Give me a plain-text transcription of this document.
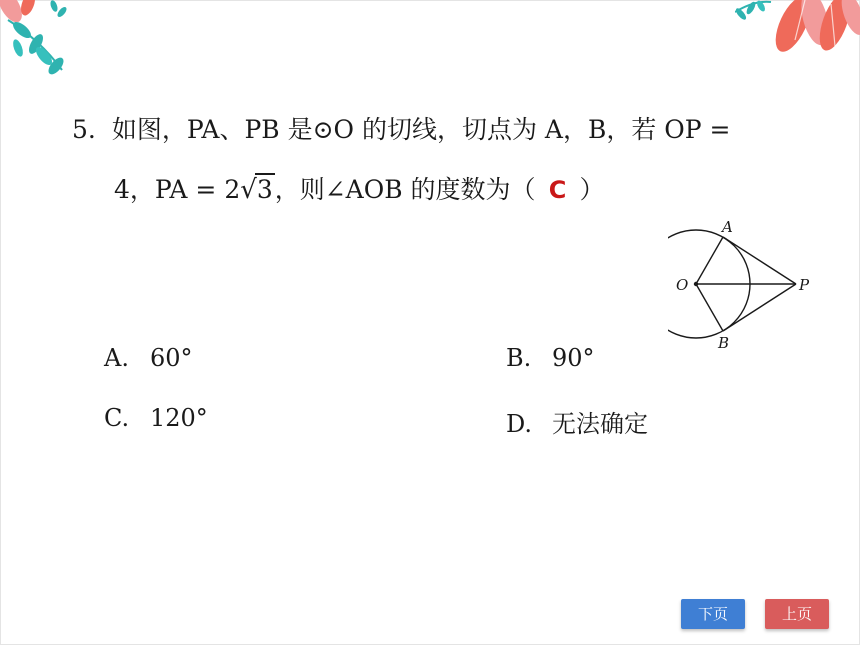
5. 如图，PA、PB 是⊙O 的切线，切点为 A，B，若 OP =
4，PA = 2√3，则∠AOB 的度数为（ C ）
O
A
B
P
A. 60°	B. 90°
C. 120°	D. 无法确定
下页	上页
